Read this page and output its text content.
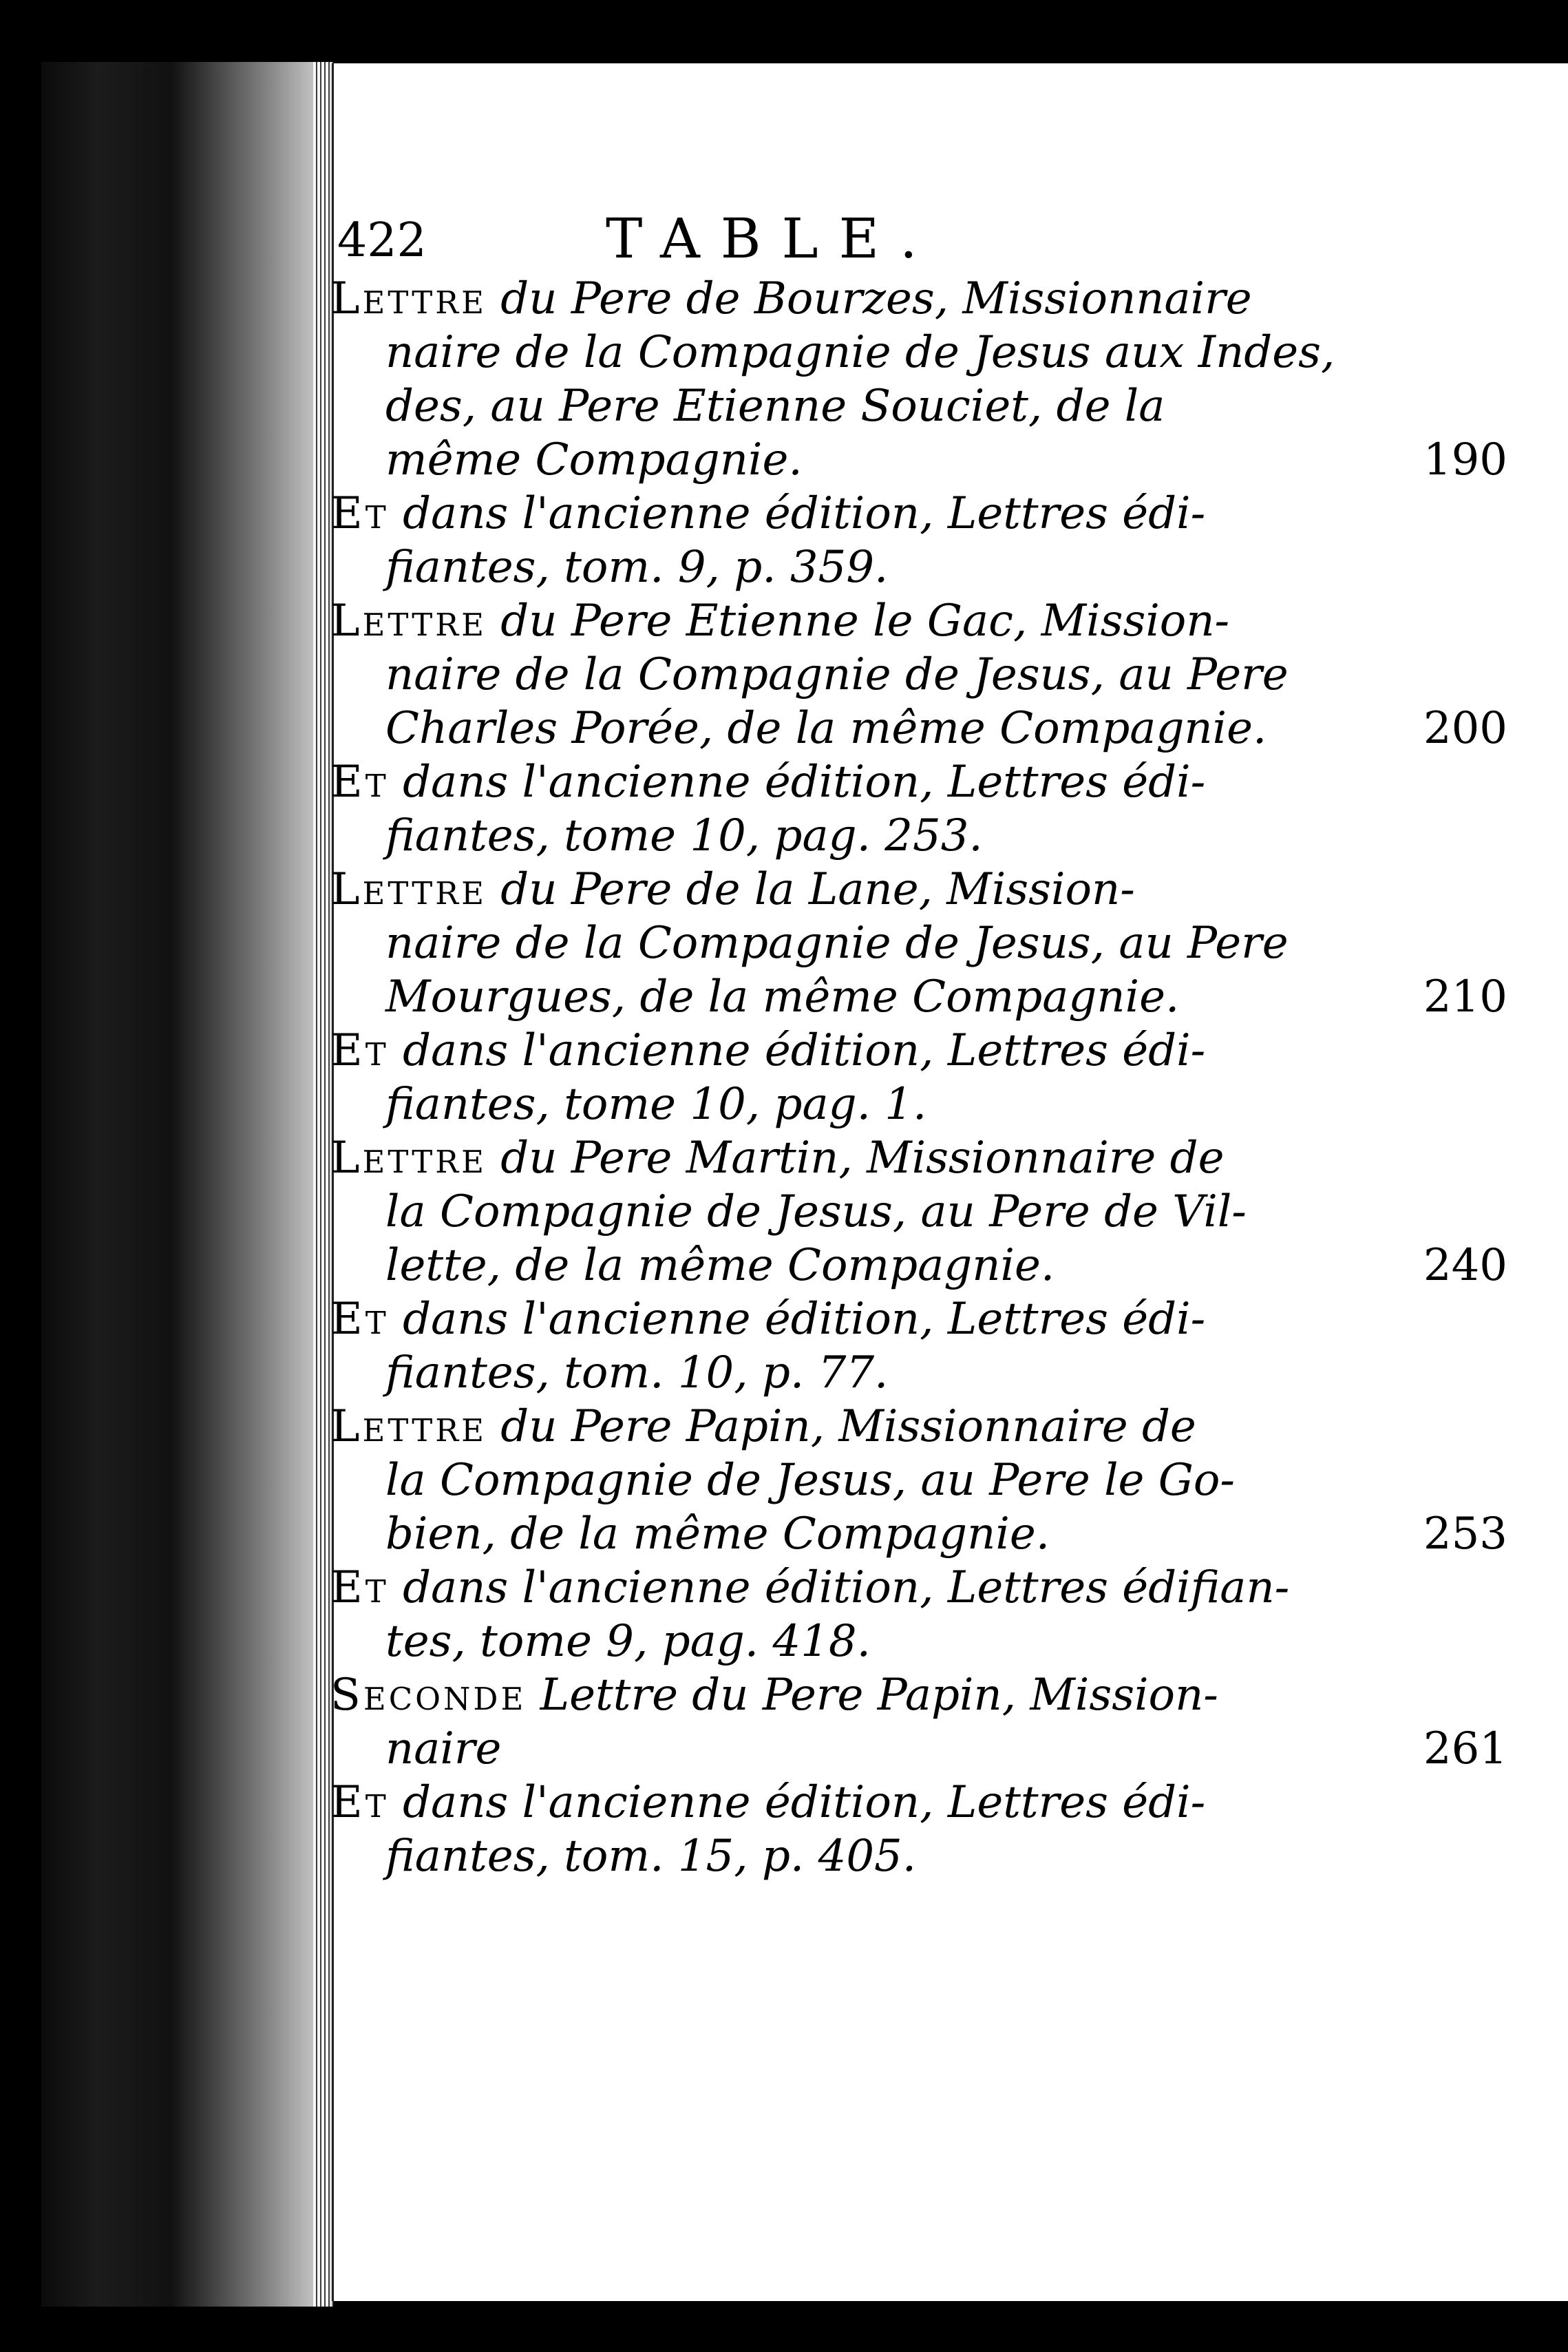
422	TABLE.
Lettre du Pere de Bourzes, Missionnaire
naire de la Compagnie de Jesus aux Indes,
des, au Pere Etienne Souciet, de la
même Compagnie.	190
Et dans l'ancienne édition, Lettres édi-
fiantes, tom. 9, p. 359.
Lettre du Pere Etienne le Gac, Mission-
naire de la Compagnie de Jesus, au Pere
Charles Porée, de la même Compagnie.	200
Et dans l'ancienne édition, Lettres édi-
fiantes, tome 10, pag. 253.
Lettre du Pere de la Lane, Mission-
naire de la Compagnie de Jesus, au Pere
Mourgues, de la même Compagnie.	210
Et dans l'ancienne édition, Lettres édi-
fiantes, tome 10, pag. 1.
Lettre du Pere Martin, Missionnaire de
la Compagnie de Jesus, au Pere de Vil-
lette, de la même Compagnie.	240
Et dans l'ancienne édition, Lettres édi-
fiantes, tom. 10, p. 77.
Lettre du Pere Papin, Missionnaire de
la Compagnie de Jesus, au Pere le Go-
bien, de la même Compagnie.	253
Et dans l'ancienne édition, Lettres édifian-
tes, tome 9, pag. 418.
Seconde Lettre du Pere Papin, Mission-
naire	261
Et dans l'ancienne édition, Lettres édi-
fiantes, tom. 15, p. 405.
